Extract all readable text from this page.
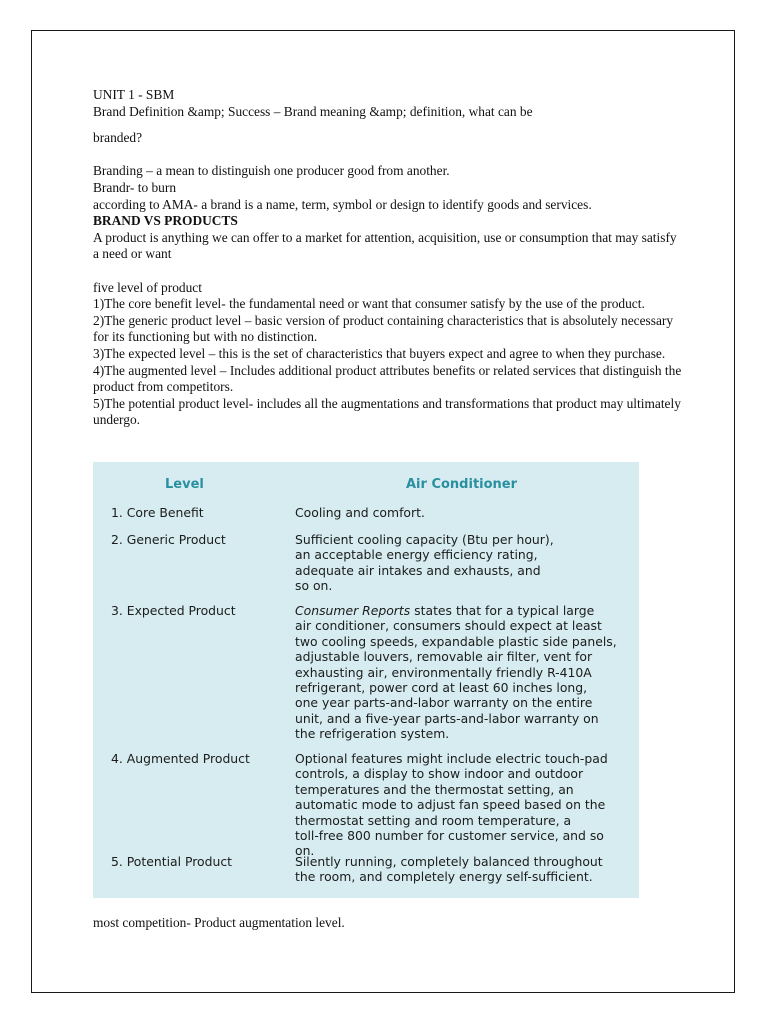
UNIT 1 - SBM

Brand Definition &amp; Success – Brand meaning &amp; definition, what can be

branded?

Branding – a mean to distinguish one producer good from another.

Brandr- to burn

according to AMA- a brand is a name, term, symbol or design to identify goods and services.

BRAND VS PRODUCTS

A product is anything we can offer to a market for attention, acquisition, use or consumption that may satisfy a need or want

five level of product

1)The core benefit level- the fundamental need or want that consumer satisfy by the use of the product.

2)The generic product level – basic version of product containing characteristics that is absolutely necessary for its functioning but with no distinction.

3)The expected level – this is the set of characteristics that buyers expect and agree to when they purchase.

4)The augmented level – Includes additional product attributes benefits or related services that distinguish the product from competitors.

5)The potential product level- includes all the augmentations and transformations that product may ultimately undergo.

Level	Air Conditioner
1. Core Benefit	Cooling and comfort.
2. Generic Product	Sufficient cooling capacity (Btu per hour),
an acceptable energy efficiency rating,
adequate air intakes and exhausts, and
so on.
3. Expected Product	Consumer Reports states that for a typical large
air conditioner, consumers should expect at least
two cooling speeds, expandable plastic side panels,
adjustable louvers, removable air filter, vent for
exhausting air, environmentally friendly R-410A
refrigerant, power cord at least 60 inches long,
one year parts-and-labor warranty on the entire
unit, and a five-year parts-and-labor warranty on
the refrigeration system.
4. Augmented Product	Optional features might include electric touch-pad
controls, a display to show indoor and outdoor
temperatures and the thermostat setting, an
automatic mode to adjust fan speed based on the
thermostat setting and room temperature, a
toll-free 800 number for customer service, and so on.
5. Potential Product	Silently running, completely balanced throughout
the room, and completely energy self-sufficient.
most competition- Product augmentation level.
